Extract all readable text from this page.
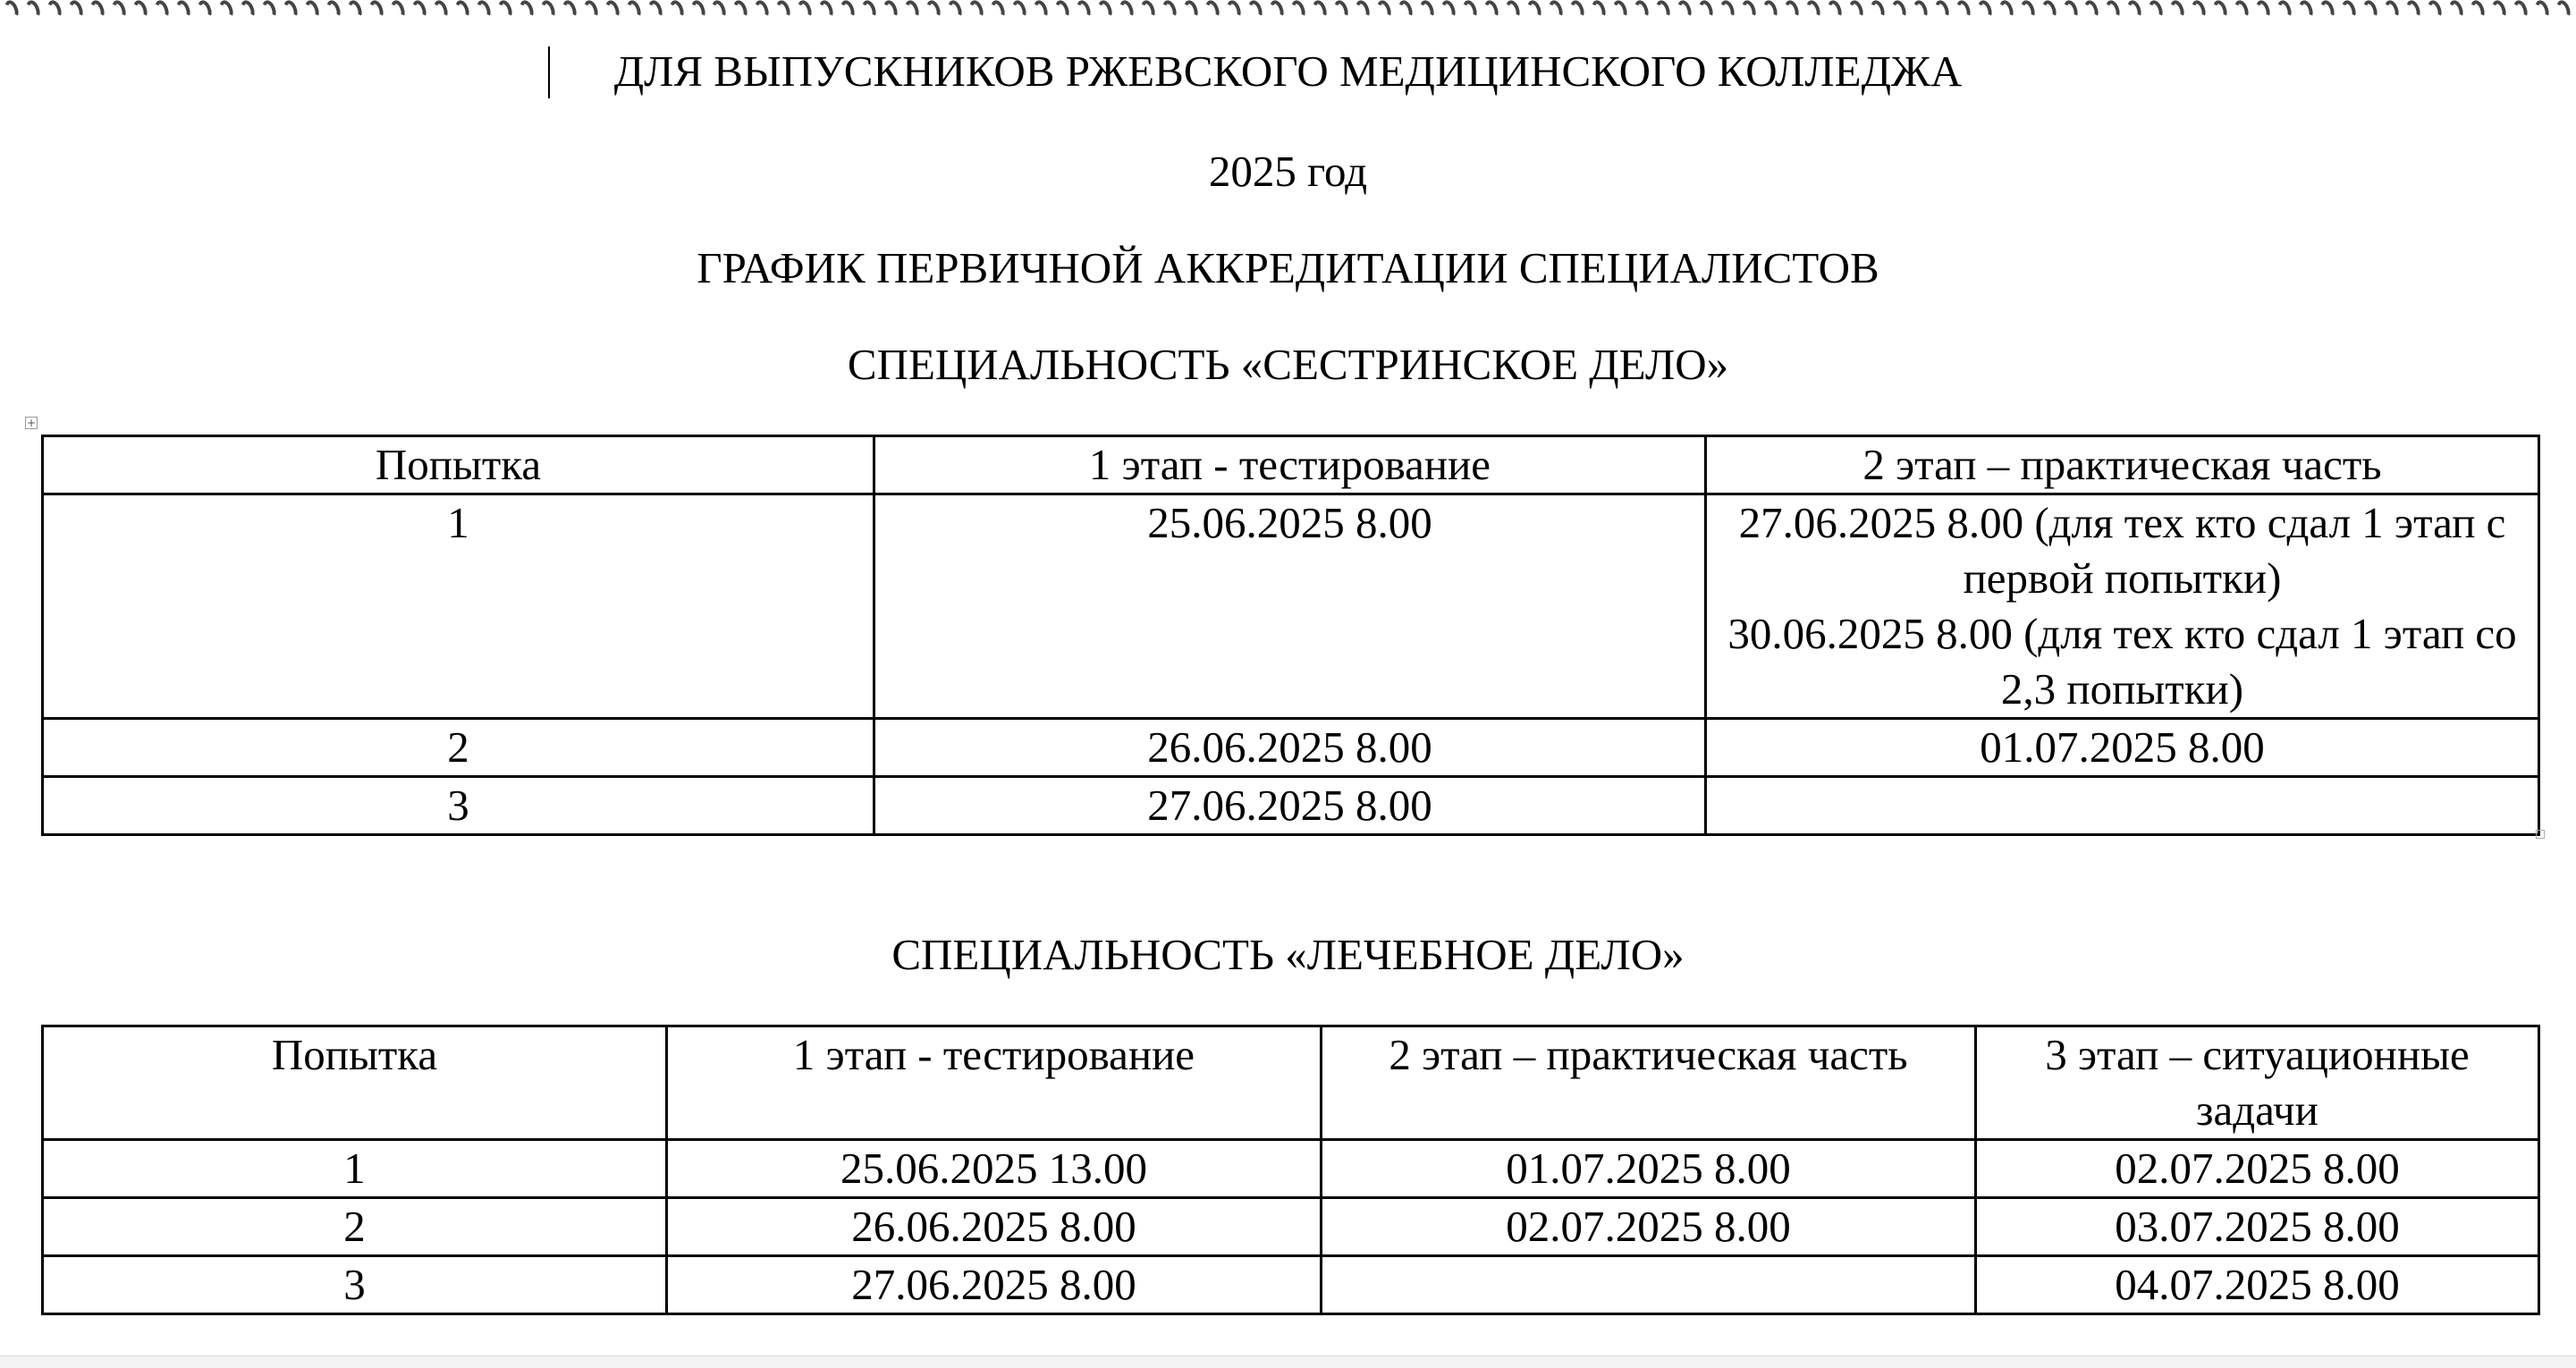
ДЛЯ ВЫПУСКНИКОВ РЖЕВСКОГО МЕДИЦИНСКОГО КОЛЛЕДЖА
2025 год
ГРАФИК ПЕРВИЧНОЙ АККРЕДИТАЦИИ СПЕЦИАЛИСТОВ
СПЕЦИАЛЬНОСТЬ «СЕСТРИНСКОЕ ДЕЛО»
+
Попытка	1 этап - тестирование	2 этап – практическая часть
1	25.06.2025 8.00	27.06.2025 8.00 (для тех кто сдал 1 этап с первой попытки)
30.06.2025 8.00 (для тех кто сдал 1 этап со 2,3 попытки)

2	26.06.2025 8.00	01.07.2025 8.00
3	27.06.2025 8.00	
СПЕЦИАЛЬНОСТЬ «ЛЕЧЕБНОЕ ДЕЛО»
Попытка	1 этап - тестирование	2 этап – практическая часть	3 этап – ситуационные задачи
1	25.06.2025 13.00	01.07.2025 8.00	02.07.2025 8.00
2	26.06.2025 8.00	02.07.2025 8.00	03.07.2025 8.00
3	27.06.2025 8.00		04.07.2025 8.00
